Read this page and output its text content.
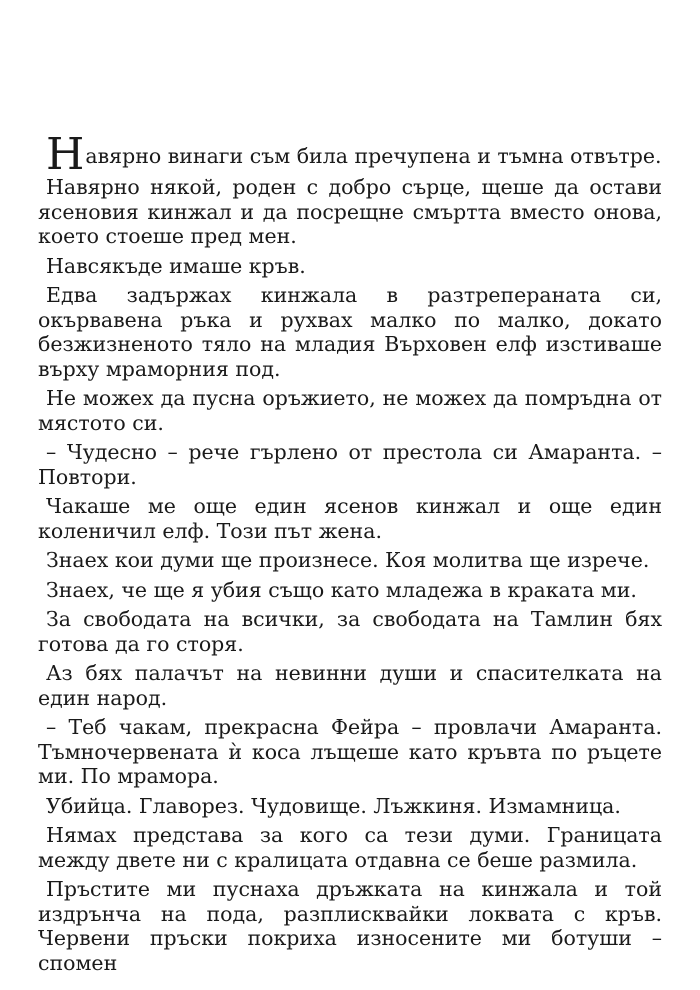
Навярно винаги съм била пречупена и тъмна отвътре.

Навярно някой, роден с добро сърце, щеше да остави ясеновия кинжал и да посрещне смъртта вместо онова, което стоеше пред мен.

Навсякъде имаше кръв.

Едва задържах кинжала в разтреперанатa си, окървавена ръка и рухвах малко по малко, докато безжизненото тяло на младия Върховен елф изстиваше върху мраморния под.

Не можех да пусна оръжието, не можех да помръдна от мястото си.

– Чудесно – рече гърлено от престола си Амаранта. – Повтори.

Чакаше ме още един ясенов кинжал и още един коленичил елф. Този път жена.

Знаех кои думи ще произнесе. Коя молитва ще изрече.

Знаех, че ще я убия също като младежа в краката ми.

За свободата на всички, за свободата на Тамлин бях готова да го сторя.

Аз бях палачът на невинни души и спасителката на един народ.

– Теб чакам, прекрасна Фейра – провлачи Амаранта. Тъмночервената ѝ коса лъщеше като кръвта по ръцете ми. По мрамора.

Убийца. Главорез. Чудовище. Лъжкиня. Измамница.

Нямах представа за кого са тези думи. Границата между двете ни с кралицата отдавна се беше размила.

Пръстите ми пуснаха дръжката на кинжала и той издрънча на пода, разплисквайки локвата с кръв. Червени пръски покриха износените ми ботуши – спомен
